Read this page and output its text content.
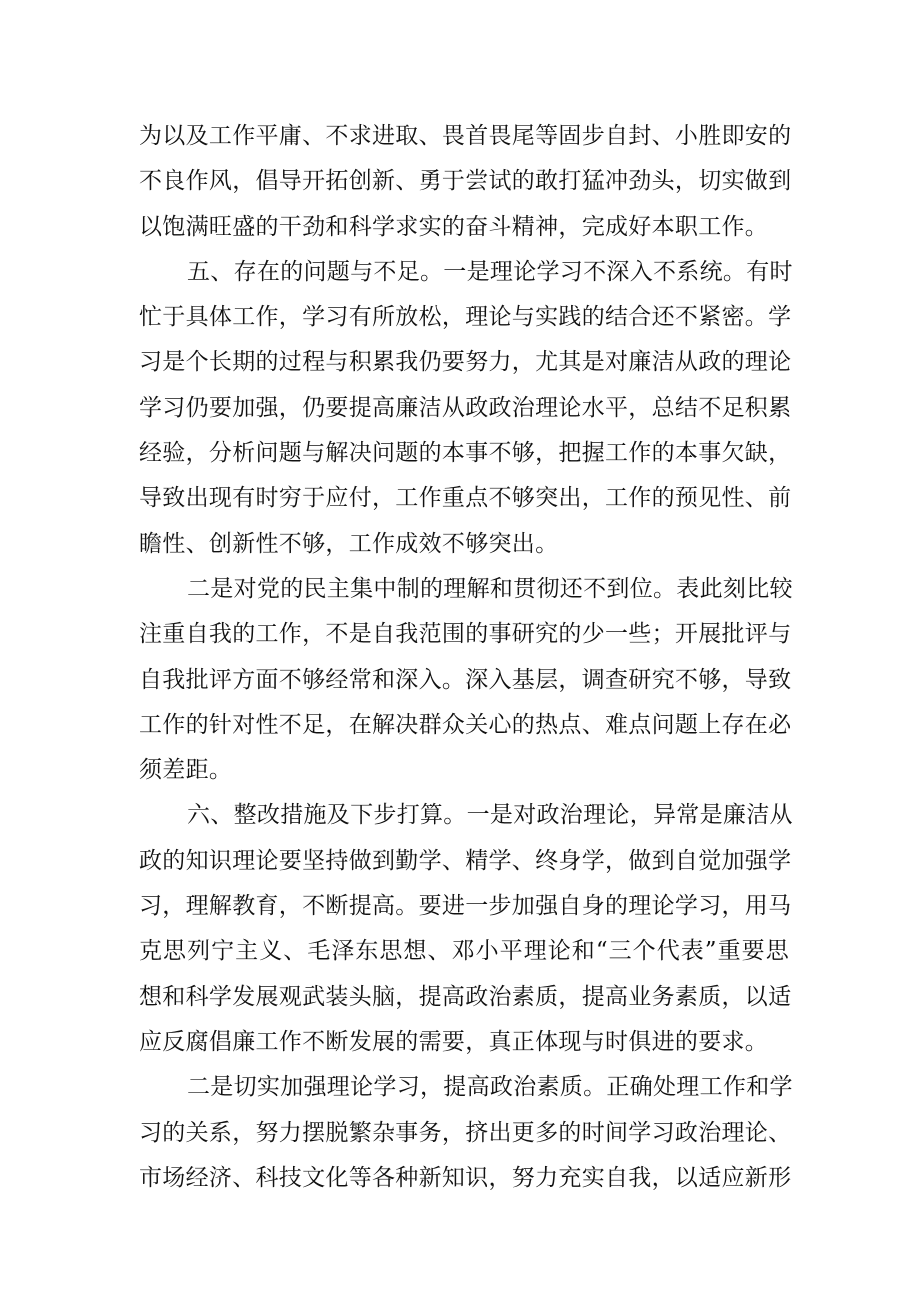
为以及工作平庸、不求进取、畏首畏尾等固步自封、小胜即安的
不良作风，倡导开拓创新、勇于尝试的敢打猛冲劲头，切实做到
以饱满旺盛的干劲和科学求实的奋斗精神，完成好本职工作。
五、存在的问题与不足。一是理论学习不深入不系统。有时
忙于具体工作，学习有所放松，理论与实践的结合还不紧密。学
习是个长期的过程与积累我仍要努力，尤其是对廉洁从政的理论
学习仍要加强，仍要提高廉洁从政政治理论水平，总结不足积累
经验，分析问题与解决问题的本事不够，把握工作的本事欠缺，
导致出现有时穷于应付，工作重点不够突出，工作的预见性、前
瞻性、创新性不够，工作成效不够突出。
二是对党的民主集中制的理解和贯彻还不到位。表此刻比较
注重自我的工作，不是自我范围的事研究的少一些；开展批评与
自我批评方面不够经常和深入。深入基层，调查研究不够，导致
工作的针对性不足，在解决群众关心的热点、难点问题上存在必
须差距。
六、整改措施及下步打算。一是对政治理论，异常是廉洁从
政的知识理论要坚持做到勤学、精学、终身学，做到自觉加强学
习，理解教育，不断提高。要进一步加强自身的理论学习，用马
克思列宁主义、毛泽东思想、邓小平理论和“三个代表”重要思
想和科学发展观武装头脑，提高政治素质，提高业务素质，以适
应反腐倡廉工作不断发展的需要，真正体现与时俱进的要求。
二是切实加强理论学习，提高政治素质。正确处理工作和学
习的关系，努力摆脱繁杂事务，挤出更多的时间学习政治理论、
市场经济、科技文化等各种新知识，努力充实自我，以适应新形
